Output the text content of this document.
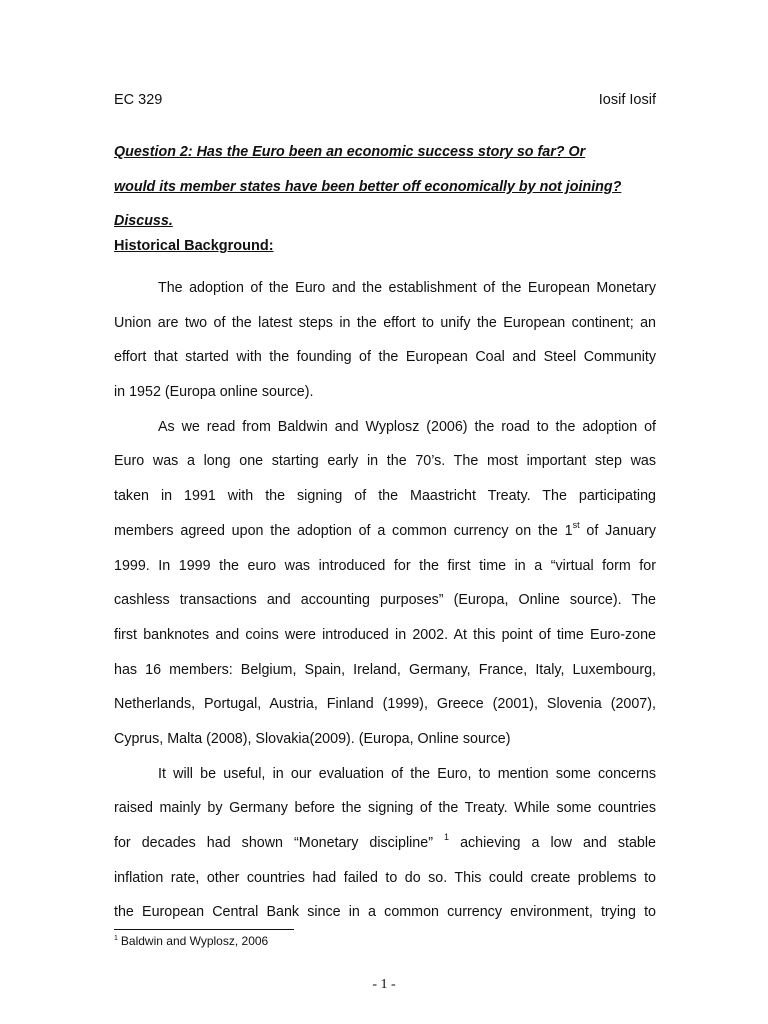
EC 329	Iosif Iosif
Question 2: Has the Euro been an economic success story so far? Or
would its member states have been better off economically by not joining?
Discuss.
Historical Background:
The adoption of the Euro and the establishment of the European Monetary
Union are two of the latest steps in the effort to unify the European continent; an
effort that started with the founding of the European Coal and Steel Community
in 1952 (Europa online source).
As we read from Baldwin and Wyplosz (2006) the road to the adoption of
Euro was a long one starting early in the 70’s. The most important step was
taken in 1991 with the signing of the Maastricht Treaty. The participating
members agreed upon the adoption of a common currency on the 1st of January
1999. In 1999 the euro was introduced for the first time in a “virtual form for
cashless transactions and accounting purposes” (Europa, Online source). The
first banknotes and coins were introduced in 2002. At this point of time Euro-zone
has 16 members: Belgium, Spain, Ireland, Germany, France, Italy, Luxembourg,
Netherlands, Portugal, Austria, Finland (1999), Greece (2001), Slovenia (2007),
Cyprus, Malta (2008), Slovakia(2009). (Europa, Online source)
It will be useful, in our evaluation of the Euro, to mention some concerns
raised mainly by Germany before the signing of the Treaty. While some countries
for decades had shown “Monetary discipline” $^1$ achieving a low and stable
inflation rate, other countries had failed to do so. This could create problems to
the European Central Bank since in a common currency environment, trying to
$^1$ Baldwin and Wyplosz, 2006
- 1 -
